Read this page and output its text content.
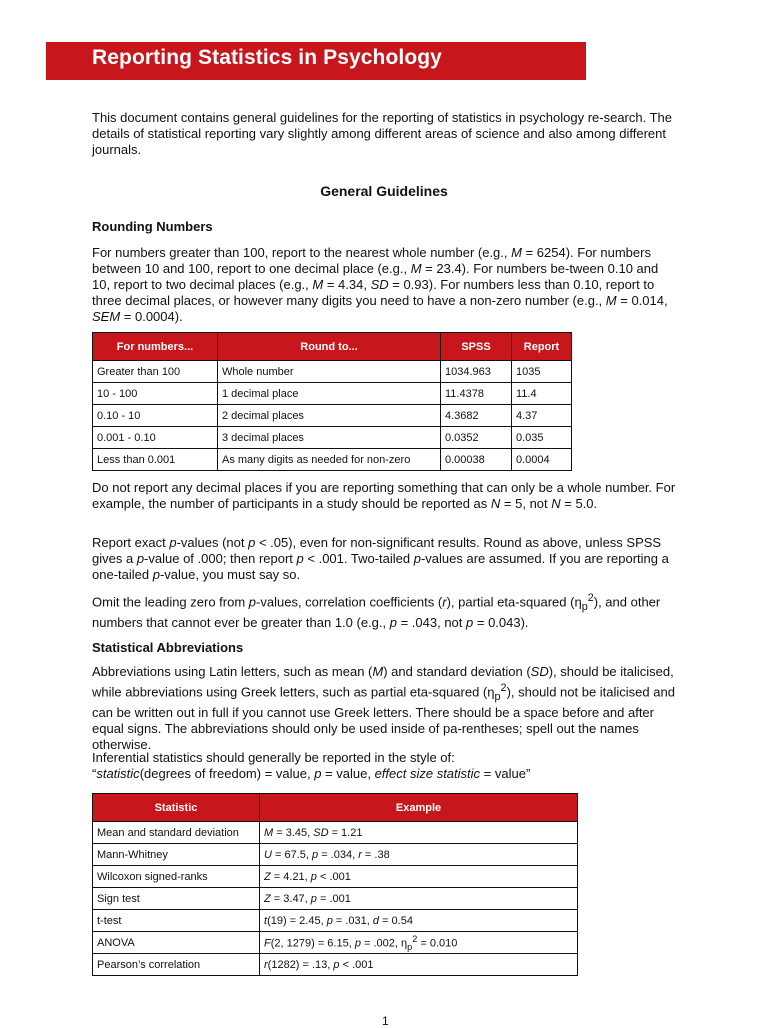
Reporting Statistics in Psychology

This document contains general guidelines for the reporting of statistics in psychology re-search. The details of statistical reporting vary slightly among different areas of science and also among different journals.

General Guidelines
Rounding Numbers

For numbers greater than 100, report to the nearest whole number (e.g., M = 6254). For numbers between 10 and 100, report to one decimal place (e.g., M = 23.4). For numbers be-tween 0.10 and 10, report to two decimal places (e.g., M = 4.34, SD = 0.93). For numbers less than 0.10, report to three decimal places, or however many digits you need to have a non-zero number (e.g., M = 0.014, SEM = 0.0004).

For numbers...	Round to...	SPSS	Report
Greater than 100	Whole number	1034.963	1035
10 - 100	1 decimal place	11.4378	11.4
0.10 - 10	2 decimal places	4.3682	4.37
0.001 - 0.10	3 decimal places	0.0352	0.035
Less than 0.001	As many digits as needed for non-zero	0.00038	0.0004

Do not report any decimal places if you are reporting something that can only be a whole number. For example, the number of participants in a study should be reported as N = 5, not N = 5.0.

Report exact p-values (not p < .05), even for non-significant results. Round as above, unless SPSS gives a p-value of .000; then report p < .001. Two-tailed p-values are assumed. If you are reporting a one-tailed p-value, you must say so.

Omit the leading zero from p-values, correlation coefficients (r), partial eta-squared $(\eta_p^2)$, and other numbers that cannot ever be greater than 1.0 (e.g., p = .043, not p = 0.043).

Statistical Abbreviations

Abbreviations using Latin letters, such as mean (M) and standard deviation (SD), should be italicised, while abbreviations using Greek letters, such as partial eta-squared $(\eta_p^2)$, should not be italicised and can be written out in full if you cannot use Greek letters. There should be a space before and after equal signs. The abbreviations should only be used inside of pa-rentheses; spell out the names otherwise.

Inferential statistics should generally be reported in the style of:
“statistic(degrees of freedom) = value, p = value, effect size statistic = value”

Statistic	Example
Mean and standard deviation	M = 3.45, SD = 1.21
Mann-Whitney	U = 67.5, p = .034, r = .38
Wilcoxon signed-ranks	Z = 4.21, p < .001
Sign test	Z = 3.47, p = .001
t-test	t(19) = 2.45, p = .031, d = 0.54
ANOVA	F(2, 1279) = 6.15, p = .002, $\eta_p^2 = 0.010$
Pearson’s correlation	r(1282) = .13, p < .001
1
